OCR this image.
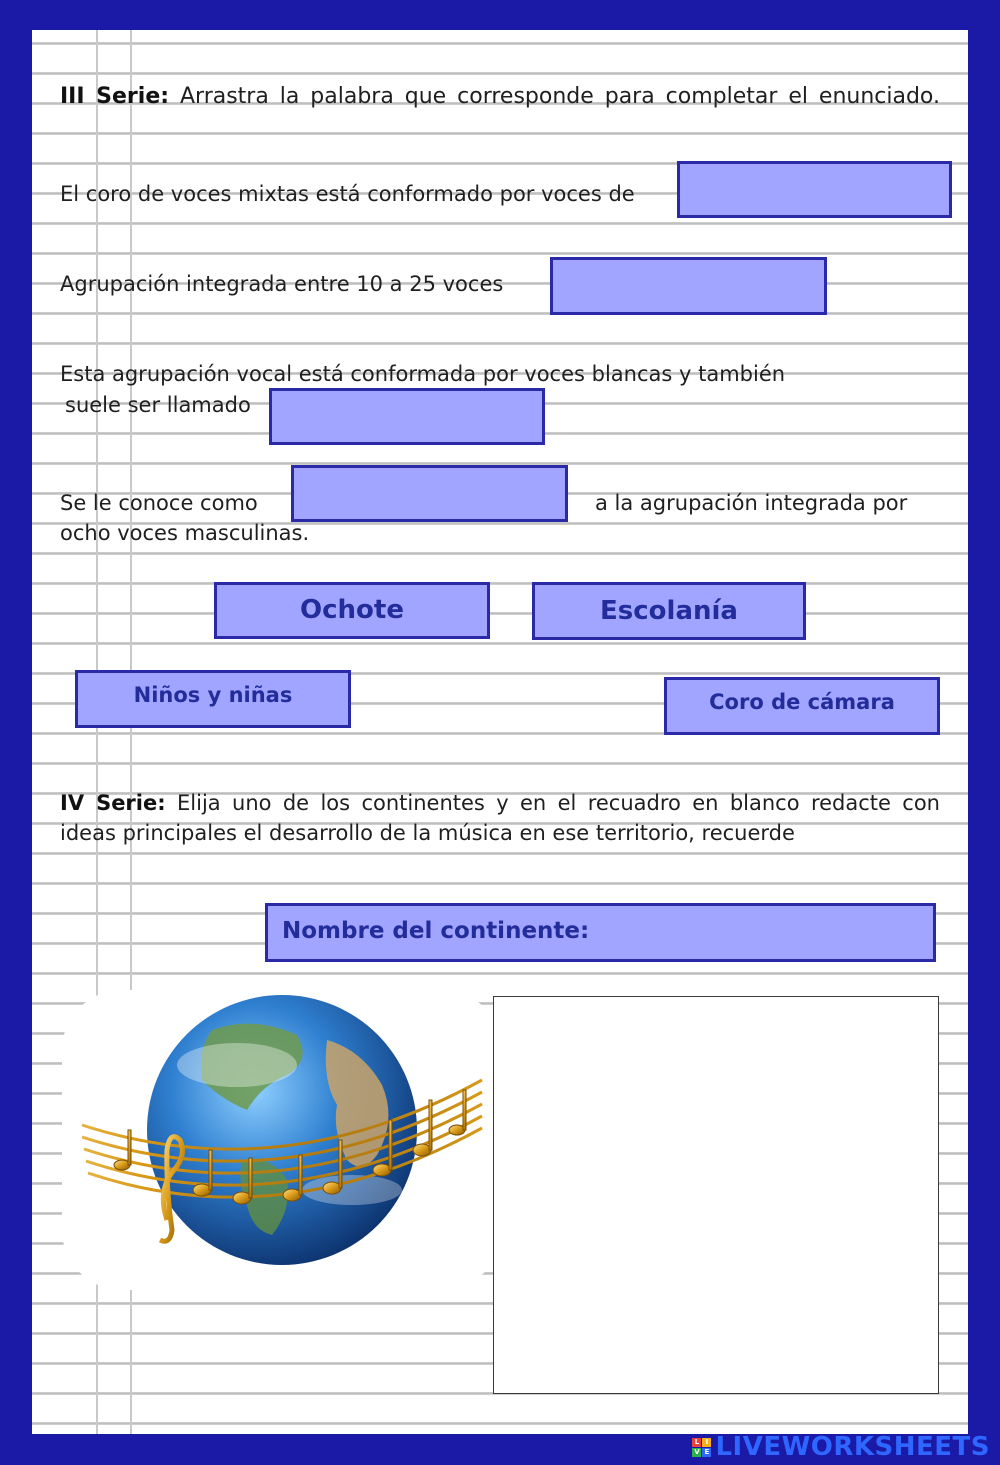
III Serie: Arrastra la palabra que corresponde para completar el enunciado.
El coro de voces mixtas está conformado por voces de
Agrupación integrada entre 10 a 25 voces
Esta agrupación vocal está conformada por voces blancas y también
suele ser llamado
Se le conoce como	a la agrupación integrada por
ocho voces masculinas.
Ochote	Escolanía
Niños y niñas	Coro de cámara
IV Serie: Elija uno de los continentes y en el recuadro en blanco redacte con
ideas principales el desarrollo de la música en ese territorio, recuerde
Nombre del continente:
L I
V E LIVEWORKSHEETS
